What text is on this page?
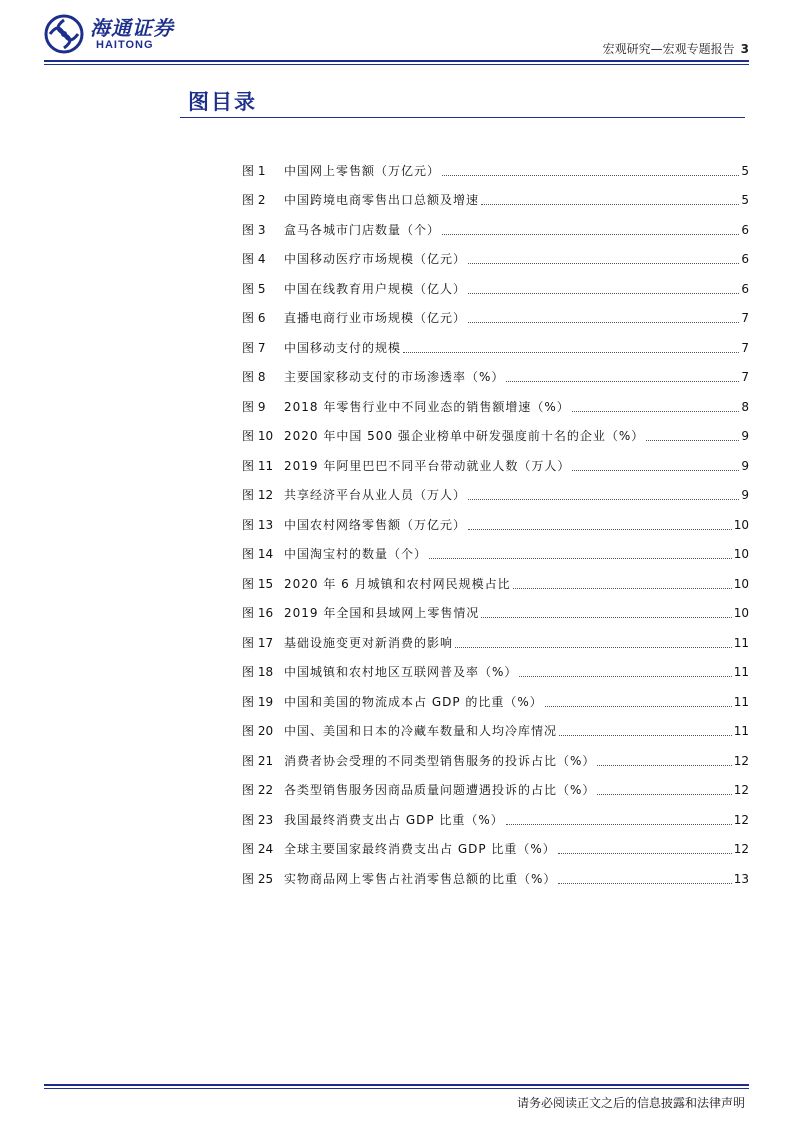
海通证券
HAITONG	宏观研究—宏观专题报告 3
图目录
图 1	中国网上零售额（万亿元）	5
图 2	中国跨境电商零售出口总额及增速	5
图 3	盒马各城市门店数量（个）	6
图 4	中国移动医疗市场规模（亿元）	6
图 5	中国在线教育用户规模（亿人）	6
图 6	直播电商行业市场规模（亿元）	7
图 7	中国移动支付的规模	7
图 8	主要国家移动支付的市场渗透率（%）	7
图 9	2018 年零售行业中不同业态的销售额增速（%）	8
图 10 2020 年中国 500 强企业榜单中研发强度前十名的企业（%）	9
图 11 2019 年阿里巴巴不同平台带动就业人数（万人）	9
图 12 共享经济平台从业人员（万人）	9
图 13 中国农村网络零售额（万亿元）	10
图 14 中国淘宝村的数量（个）	10
图 15 2020 年 6 月城镇和农村网民规模占比	10
图 16 2019 年全国和县域网上零售情况	10
图 17 基础设施变更对新消费的影响	11
图 18 中国城镇和农村地区互联网普及率（%）	11
图 19 中国和美国的物流成本占 GDP 的比重（%）	11
图 20 中国、美国和日本的冷藏车数量和人均冷库情况	11
图 21 消费者协会受理的不同类型销售服务的投诉占比（%）	12
图 22 各类型销售服务因商品质量问题遭遇投诉的占比（%）	12
图 23 我国最终消费支出占 GDP 比重（%）	12
图 24 全球主要国家最终消费支出占 GDP 比重（%）	12
图 25 实物商品网上零售占社消零售总额的比重（%）	13
请务必阅读正文之后的信息披露和法律声明
